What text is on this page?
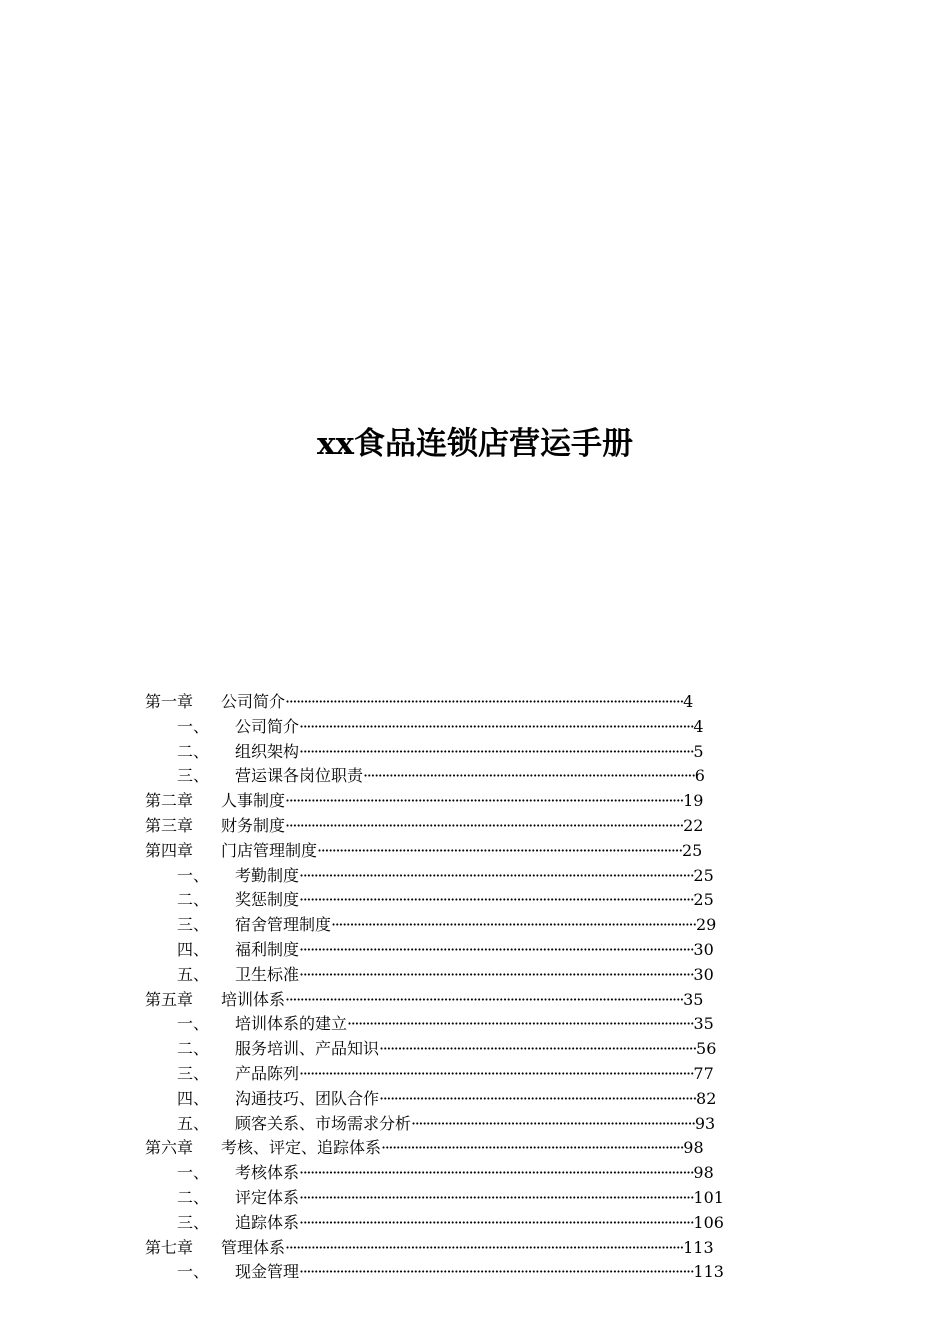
xx食品连锁店营运手册
第一章 公司简介············································································································4
一、 公司简介···········································································································4
二、 组织架构···········································································································5
三、 营运课各岗位职责··························································································6
第二章 人事制度············································································································19
第三章 财务制度············································································································22
第四章 门店管理制度···································································································25
一、 考勤制度···········································································································25
二、 奖惩制度···········································································································25
三、 宿舍管理制度···································································································29
四、 福利制度···········································································································30
五、 卫生标准···········································································································30
第五章 培训体系············································································································35
一、 培训体系的建立······························································································35
二、 服务培训、产品知识······················································································56
三、 产品陈列···········································································································77
四、 沟通技巧、团队合作······················································································82
五、 顾客关系、市场需求分析·············································································93
第六章 考核、评定、追踪体系··················································································98
一、 考核体系···········································································································98
二、 评定体系···········································································································101
三、 追踪体系···········································································································106
第七章 管理体系············································································································113
一、 现金管理···········································································································113
